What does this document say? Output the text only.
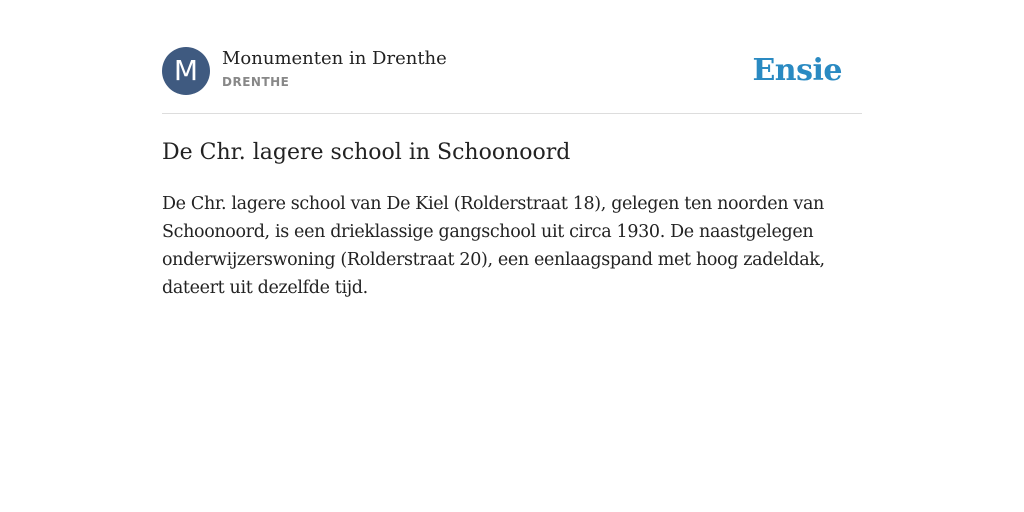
M	Monumenten in Drenthe
DRENTHE	Ensie
De Chr. lagere school in Schoonoord

De Chr. lagere school van De Kiel (Rolderstraat 18), gelegen ten noorden van Schoonoord, is een drieklassige gangschool uit circa 1930. De naastgelegen onderwijzerswoning (Rolderstraat 20), een eenlaagspand met hoog zadeldak, dateert uit dezelfde tijd.
